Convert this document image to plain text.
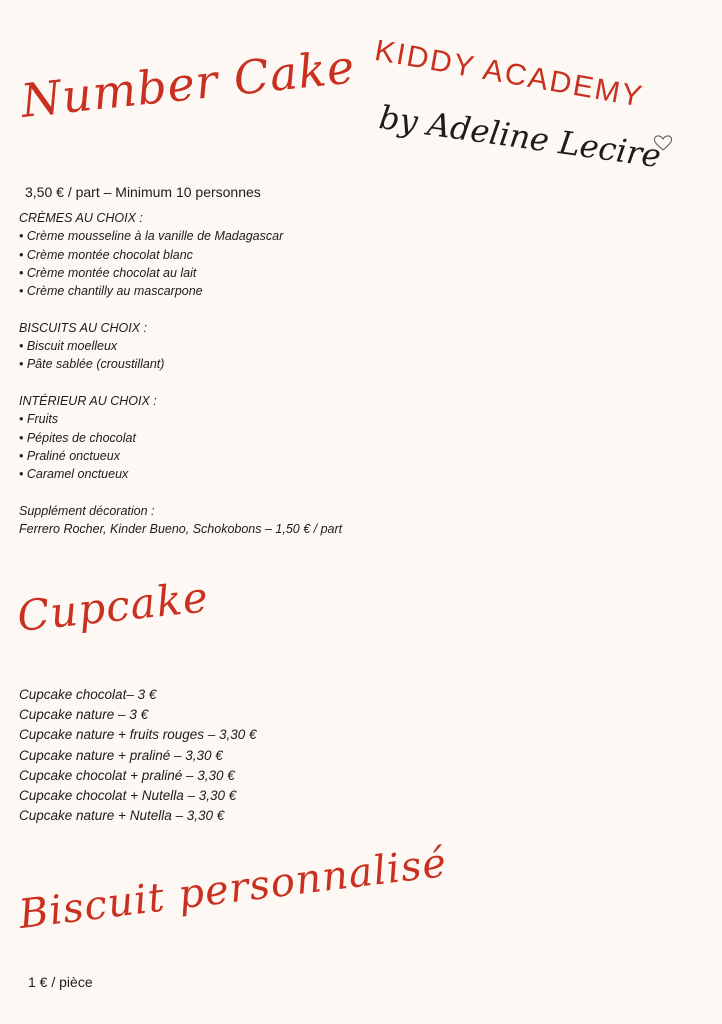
KIDDY ACADEMY
by Adeline Lecire
Number Cake
3,50 € / part – Minimum 10 personnes
CRÈMES AU CHOIX :
• Crème mousseline à la vanille de Madagascar
• Crème montée chocolat blanc
• Crème montée chocolat au lait
• Crème chantilly au mascarpone
BISCUITS AU CHOIX :
• Biscuit moelleux
• Pâte sablée (croustillant)
INTÉRIEUR AU CHOIX :
• Fruits
• Pépites de chocolat
• Praliné onctueux
• Caramel onctueux
Supplément décoration :
Ferrero Rocher, Kinder Bueno, Schokobons – 1,50 € / part
Cupcake
Cupcake chocolat– 3 €
Cupcake nature – 3 €
Cupcake nature + fruits rouges – 3,30 €
Cupcake nature + praliné – 3,30 €
Cupcake chocolat + praliné – 3,30 €
Cupcake chocolat + Nutella – 3,30 €
Cupcake nature + Nutella – 3,30 €
Biscuit personnalisé
1 € / pièce
